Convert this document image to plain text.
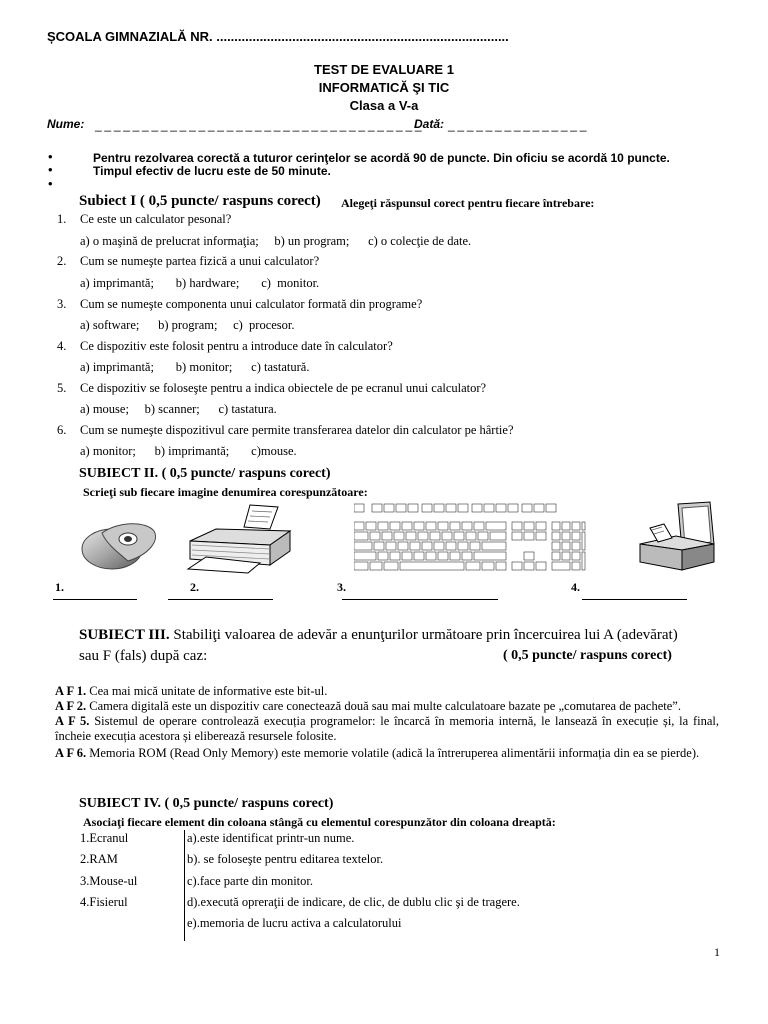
ȘCOALA GIMNAZIALĂ NR. .................................................................................
TEST DE EVALUARE 1
INFORMATICĂ ŞI TIC
Clasa a V-a
Nume: _ _ _ _ _ _ _ _ _ _ _ _ _ _ _ _ _ _ _ _ _ _ _ _ _ _ _ _ _ _ _ _ _ _ _
Dată: _ _ _ _ _ _ _ _ _ _ _ _ _ _ _
•	Pentru rezolvarea corectă a tuturor cerinţelor se acordă 90 de puncte. Din oficiu se acordă 10 puncte.
•	Timpul efectiv de lucru este de 50 minute.
•
Subiect I ( 0,5 puncte/ raspuns corect) Alegeţi răspunsul corect pentru fiecare întrebare:
1. Ce este un calculator pesonal?
a) o maşină de prelucrat informaţia;     b) un program;      c) o colecţie de date.
2. Cum se numeşte partea fizică a unui calculator?
a) imprimantă;       b) hardware;       c)  monitor.
3. Cum se numeşte componenta unui calculator formată din programe?
a) software;      b) program;     c)  procesor.
4. Ce dispozitiv este folosit pentru a introduce date în calculator?
a) imprimantă;       b) monitor;      c) tastatură.
5. Ce dispozitiv se foloseşte pentru a indica obiectele de pe ecranul unui calculator?
a) mouse;     b) scanner;      c) tastatura.
6. Cum se numeşte dispozitivul care permite transferarea datelor din calculator pe hârtie?
a) monitor;      b) imprimantă;       c)mouse.
SUBIECT II. ( 0,5 puncte/ raspuns corect)
Scrieţi sub fiecare imagine denumirea corespunzătoare:
1.	2.	3.	4.
SUBIECT III. Stabiliţi valoarea de adevăr a enunţurilor următoare prin încercuirea lui A (adevărat)
sau F (fals) după caz:	( 0,5 puncte/ raspuns corect)
A F 1. Cea mai mică unitate de informative este bit-ul.
A F 2. Camera digitală este un dispozitiv care conectează două sau mai multe calculatoare bazate pe „comutarea de pachete”.
A F 5. Sistemul de operare controlează execuția programelor: le încarcă în memoria internă, le lansează în execuție și, la final, încheie execuția acestora și eliberează resursele folosite.
A F 6. Memoria ROM (Read Only Memory) este memorie volatile (adică la întreruperea alimentării informația din ea se pierde).
SUBIECT IV. ( 0,5 puncte/ raspuns corect)
Asociaţi fiecare element din coloana stângă cu elementul corespunzător din coloana dreaptă:
1.Ecranul
2.RAM
3.Mouse-ul
4.Fisierul
a).este identificat printr-un nume.
b). se foloseşte pentru editarea textelor.
c).face parte din monitor.
d).execută opreraţii de indicare, de clic, de dublu clic şi de tragere.
e).memoria de lucru activa a calculatorului
1
